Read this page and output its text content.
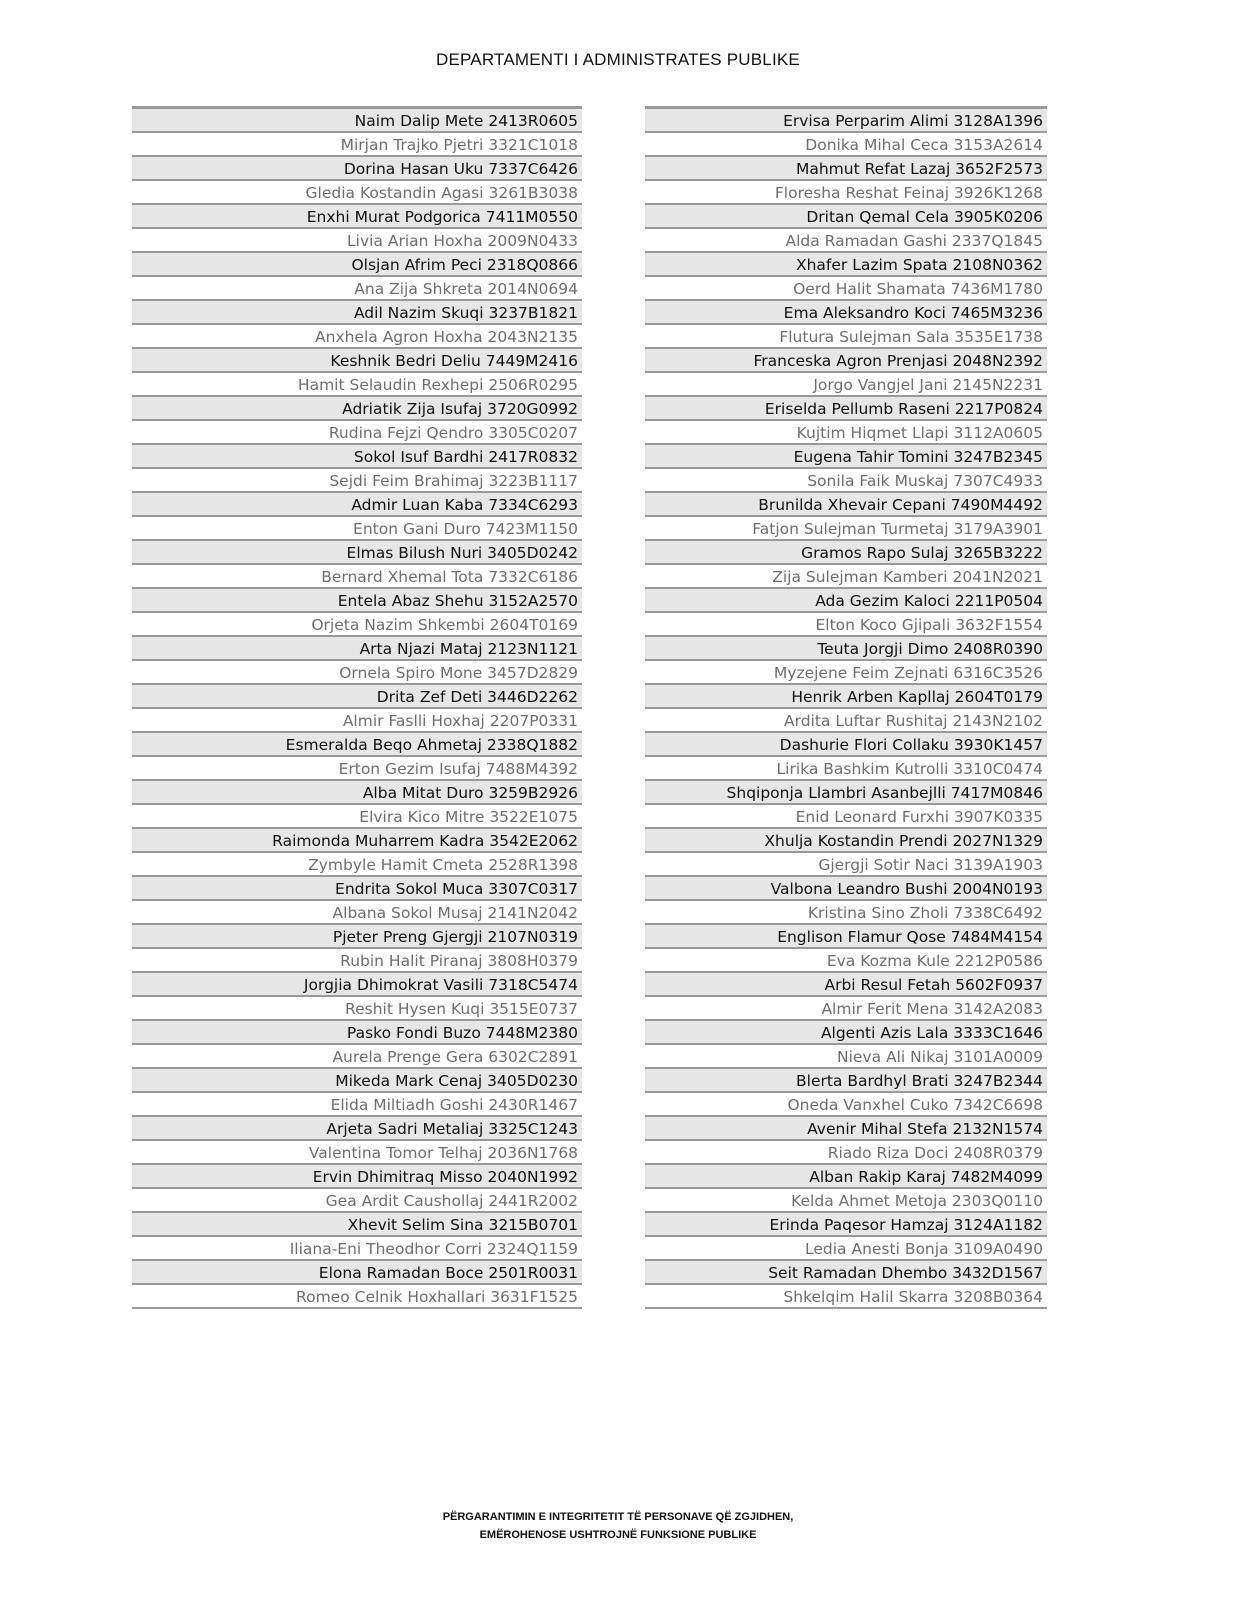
DEPARTAMENTI I ADMINISTRATES PUBLIKE
Naim Dalip Mete 2413R0605
Mirjan Trajko Pjetri 3321C1018
Dorina Hasan Uku 7337C6426
Gledia Kostandin Agasi 3261B3038
Enxhi Murat Podgorica 7411M0550
Livia Arian Hoxha 2009N0433
Olsjan Afrim Peci 2318Q0866
Ana Zija Shkreta 2014N0694
Adil Nazim Skuqi 3237B1821
Anxhela Agron Hoxha 2043N2135
Keshnik Bedri Deliu 7449M2416
Hamit Selaudin Rexhepi 2506R0295
Adriatik Zija Isufaj 3720G0992
Rudina Fejzi Qendro 3305C0207
Sokol Isuf Bardhi 2417R0832
Sejdi Feim Brahimaj 3223B1117
Admir Luan Kaba 7334C6293
Enton Gani Duro 7423M1150
Elmas Bilush Nuri 3405D0242
Bernard Xhemal Tota 7332C6186
Entela Abaz Shehu 3152A2570
Orjeta Nazim Shkembi 2604T0169
Arta Njazi Mataj 2123N1121
Ornela Spiro Mone 3457D2829
Drita Zef Deti 3446D2262
Almir Faslli Hoxhaj 2207P0331
Esmeralda Beqo Ahmetaj 2338Q1882
Erton Gezim Isufaj 7488M4392
Alba Mitat Duro 3259B2926
Elvira Kico Mitre 3522E1075
Raimonda Muharrem Kadra 3542E2062
Zymbyle Hamit Cmeta 2528R1398
Endrita Sokol Muca 3307C0317
Albana Sokol Musaj 2141N2042
Pjeter Preng Gjergji 2107N0319
Rubin Halit Piranaj 3808H0379
Jorgjia Dhimokrat Vasili 7318C5474
Reshit Hysen Kuqi 3515E0737
Pasko Fondi Buzo 7448M2380
Aurela Prenge Gera 6302C2891
Mikeda Mark Cenaj 3405D0230
Elida Miltiadh Goshi 2430R1467
Arjeta Sadri Metaliaj 3325C1243
Valentina Tomor Telhaj 2036N1768
Ervin Dhimitraq Misso 2040N1992
Gea Ardit Caushollaj 2441R2002
Xhevit Selim Sina 3215B0701
Iliana-Eni Theodhor Corri 2324Q1159
Elona Ramadan Boce 2501R0031
Romeo Celnik Hoxhallari 3631F1525
Ervisa Perparim Alimi 3128A1396
Donika Mihal Ceca 3153A2614
Mahmut Refat Lazaj 3652F2573
Floresha Reshat Feinaj 3926K1268
Dritan Qemal Cela 3905K0206
Alda Ramadan Gashi 2337Q1845
Xhafer Lazim Spata 2108N0362
Oerd Halit Shamata 7436M1780
Ema Aleksandro Koci 7465M3236
Flutura Sulejman Sala 3535E1738
Franceska Agron Prenjasi 2048N2392
Jorgo Vangjel Jani 2145N2231
Eriselda Pellumb Raseni 2217P0824
Kujtim Hiqmet Llapi 3112A0605
Eugena Tahir Tomini 3247B2345
Sonila Faik Muskaj 7307C4933
Brunilda Xhevair Cepani 7490M4492
Fatjon Sulejman Turmetaj 3179A3901
Gramos Rapo Sulaj 3265B3222
Zija Sulejman Kamberi 2041N2021
Ada Gezim Kaloci 2211P0504
Elton Koco Gjipali 3632F1554
Teuta Jorgji Dimo 2408R0390
Myzejene Feim Zejnati 6316C3526
Henrik Arben Kapllaj 2604T0179
Ardita Luftar Rushitaj 2143N2102
Dashurie Flori Collaku 3930K1457
Lirika Bashkim Kutrolli 3310C0474
Shqiponja Llambri Asanbejlli 7417M0846
Enid Leonard Furxhi 3907K0335
Xhulja Kostandin Prendi 2027N1329
Gjergji Sotir Naci 3139A1903
Valbona Leandro Bushi 2004N0193
Kristina Sino Zholi 7338C6492
Englison Flamur Qose 7484M4154
Eva Kozma Kule 2212P0586
Arbi Resul Fetah 5602F0937
Almir Ferit Mena 3142A2083
Algenti Azis Lala 3333C1646
Nieva Ali Nikaj 3101A0009
Blerta Bardhyl Brati 3247B2344
Oneda Vanxhel Cuko 7342C6698
Avenir Mihal Stefa 2132N1574
Riado Riza Doci 2408R0379
Alban Rakip Karaj 7482M4099
Kelda Ahmet Metoja 2303Q0110
Erinda Paqesor Hamzaj 3124A1182
Ledia Anesti Bonja 3109A0490
Seit Ramadan Dhembo 3432D1567
Shkelqim Halil Skarra 3208B0364
PËRGARANTIMIN E INTEGRITETIT TË PERSONAVE QË ZGJIDHEN,
EMËROHENOSE USHTROJNË FUNKSIONE PUBLIKE
